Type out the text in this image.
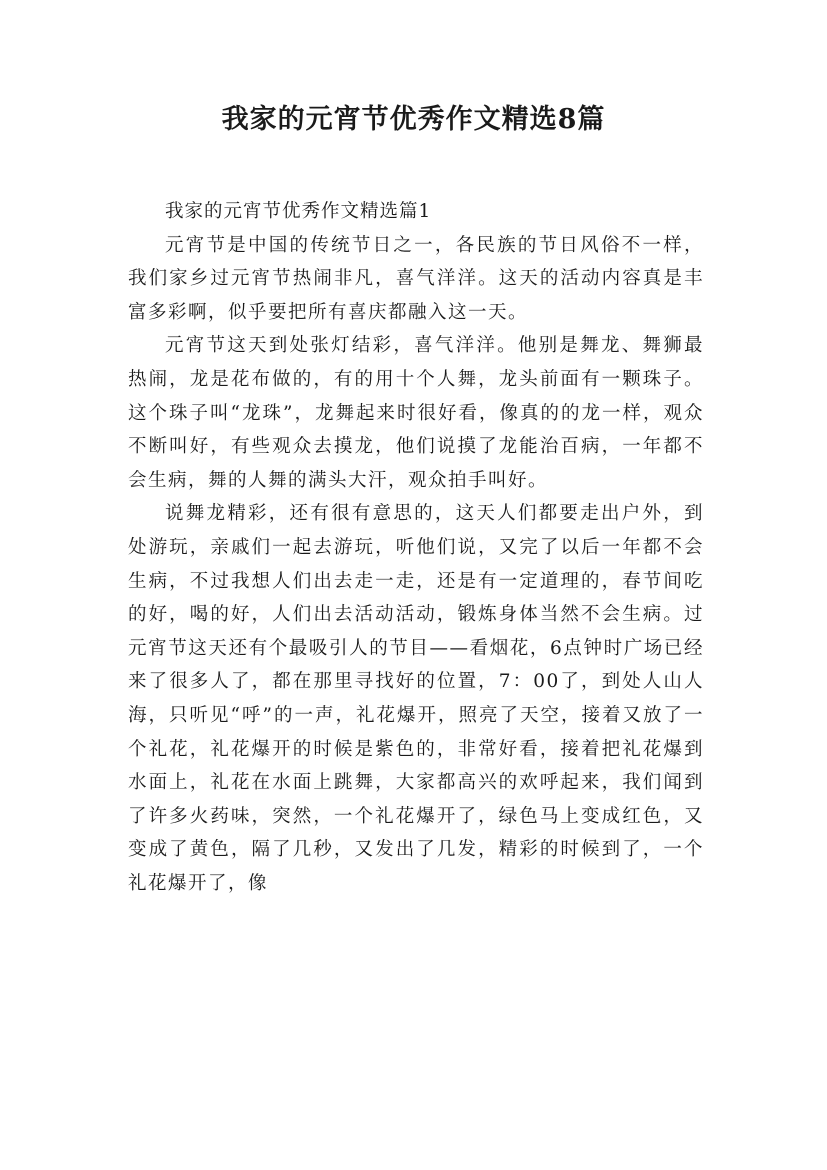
我家的元宵节优秀作文精选8篇

我家的元宵节优秀作文精选篇1

元宵节是中国的传统节日之一，各民族的节日风俗不一样，我们家乡过元宵节热闹非凡，喜气洋洋。这天的活动内容真是丰富多彩啊，似乎要把所有喜庆都融入这一天。

元宵节这天到处张灯结彩，喜气洋洋。他别是舞龙、舞狮最热闹，龙是花布做的，有的用十个人舞，龙头前面有一颗珠子。这个珠子叫“龙珠”，龙舞起来时很好看，像真的的龙一样，观众不断叫好，有些观众去摸龙，他们说摸了龙能治百病，一年都不会生病，舞的人舞的满头大汗，观众拍手叫好。

说舞龙精彩，还有很有意思的，这天人们都要走出户外，到处游玩，亲戚们一起去游玩，听他们说，又完了以后一年都不会生病，不过我想人们出去走一走，还是有一定道理的，春节间吃的好，喝的好，人们出去活动活动，锻炼身体当然不会生病。过元宵节这天还有个最吸引人的节目——看烟花，6点钟时广场已经来了很多人了，都在那里寻找好的位置，7：00了，到处人山人海，只听见“呼”的一声，礼花爆开，照亮了天空，接着又放了一个礼花，礼花爆开的时候是紫色的，非常好看，接着把礼花爆到水面上，礼花在水面上跳舞，大家都高兴的欢呼起来，我们闻到了许多火药味，突然，一个礼花爆开了，绿色马上变成红色，又变成了黄色，隔了几秒，又发出了几发，精彩的时候到了，一个礼花爆开了，像
